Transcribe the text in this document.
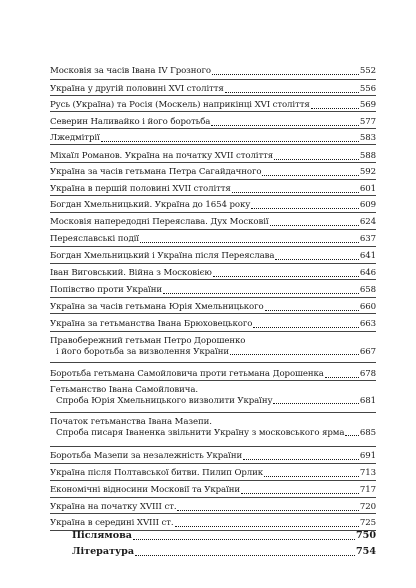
Московія за часів Івана IV Грозного	552
Україна у другій половині XVI століття	556
Русь (Україна) та Росія (Москель) наприкінці XVI століття	569
Северин Наливайко і його боротьба	577
Лжедмітрії	583
Міхаїл Романов. Україна на початку XVII століття	588
Україна за часів гетьмана Петра Сагайдачного	592
Україна в першій половині XVII століття	601
Богдан Хмельницький. Україна до 1654 року	609
Московія напередодні Переяслава. Дух Московії	624
Переяславські події	637
Богдан Хмельницький і Україна після Переяслава	641
Іван Виговський. Війна з Московією	646
Попівство проти України	658
Україна за часів гетьмана Юрія Хмельницького	660
Україна за гетьманства Івана Брюховецького	663
Правобережний гетьман Петро Дорошенко
і його боротьба за визволення України	667
Боротьба гетьмана Самойловича проти гетьмана Дорошенка	678
Гетьманство Івана Самойловича.
Спроба Юрія Хмельницького визволити Україну	681
Початок гетьманства Івана Мазепи.
Спроба писаря Іваненка звільнити Україну з московського ярма 685
Боротьба Мазепи за незалежність України	691
Україна після Полтавської битви. Пилип Орлик	713
Економічні відносини Московії та України	717
Україна на початку XVIII ст.	720
Україна в середині XVIII ст.	725
Післямова	750
Література	754
